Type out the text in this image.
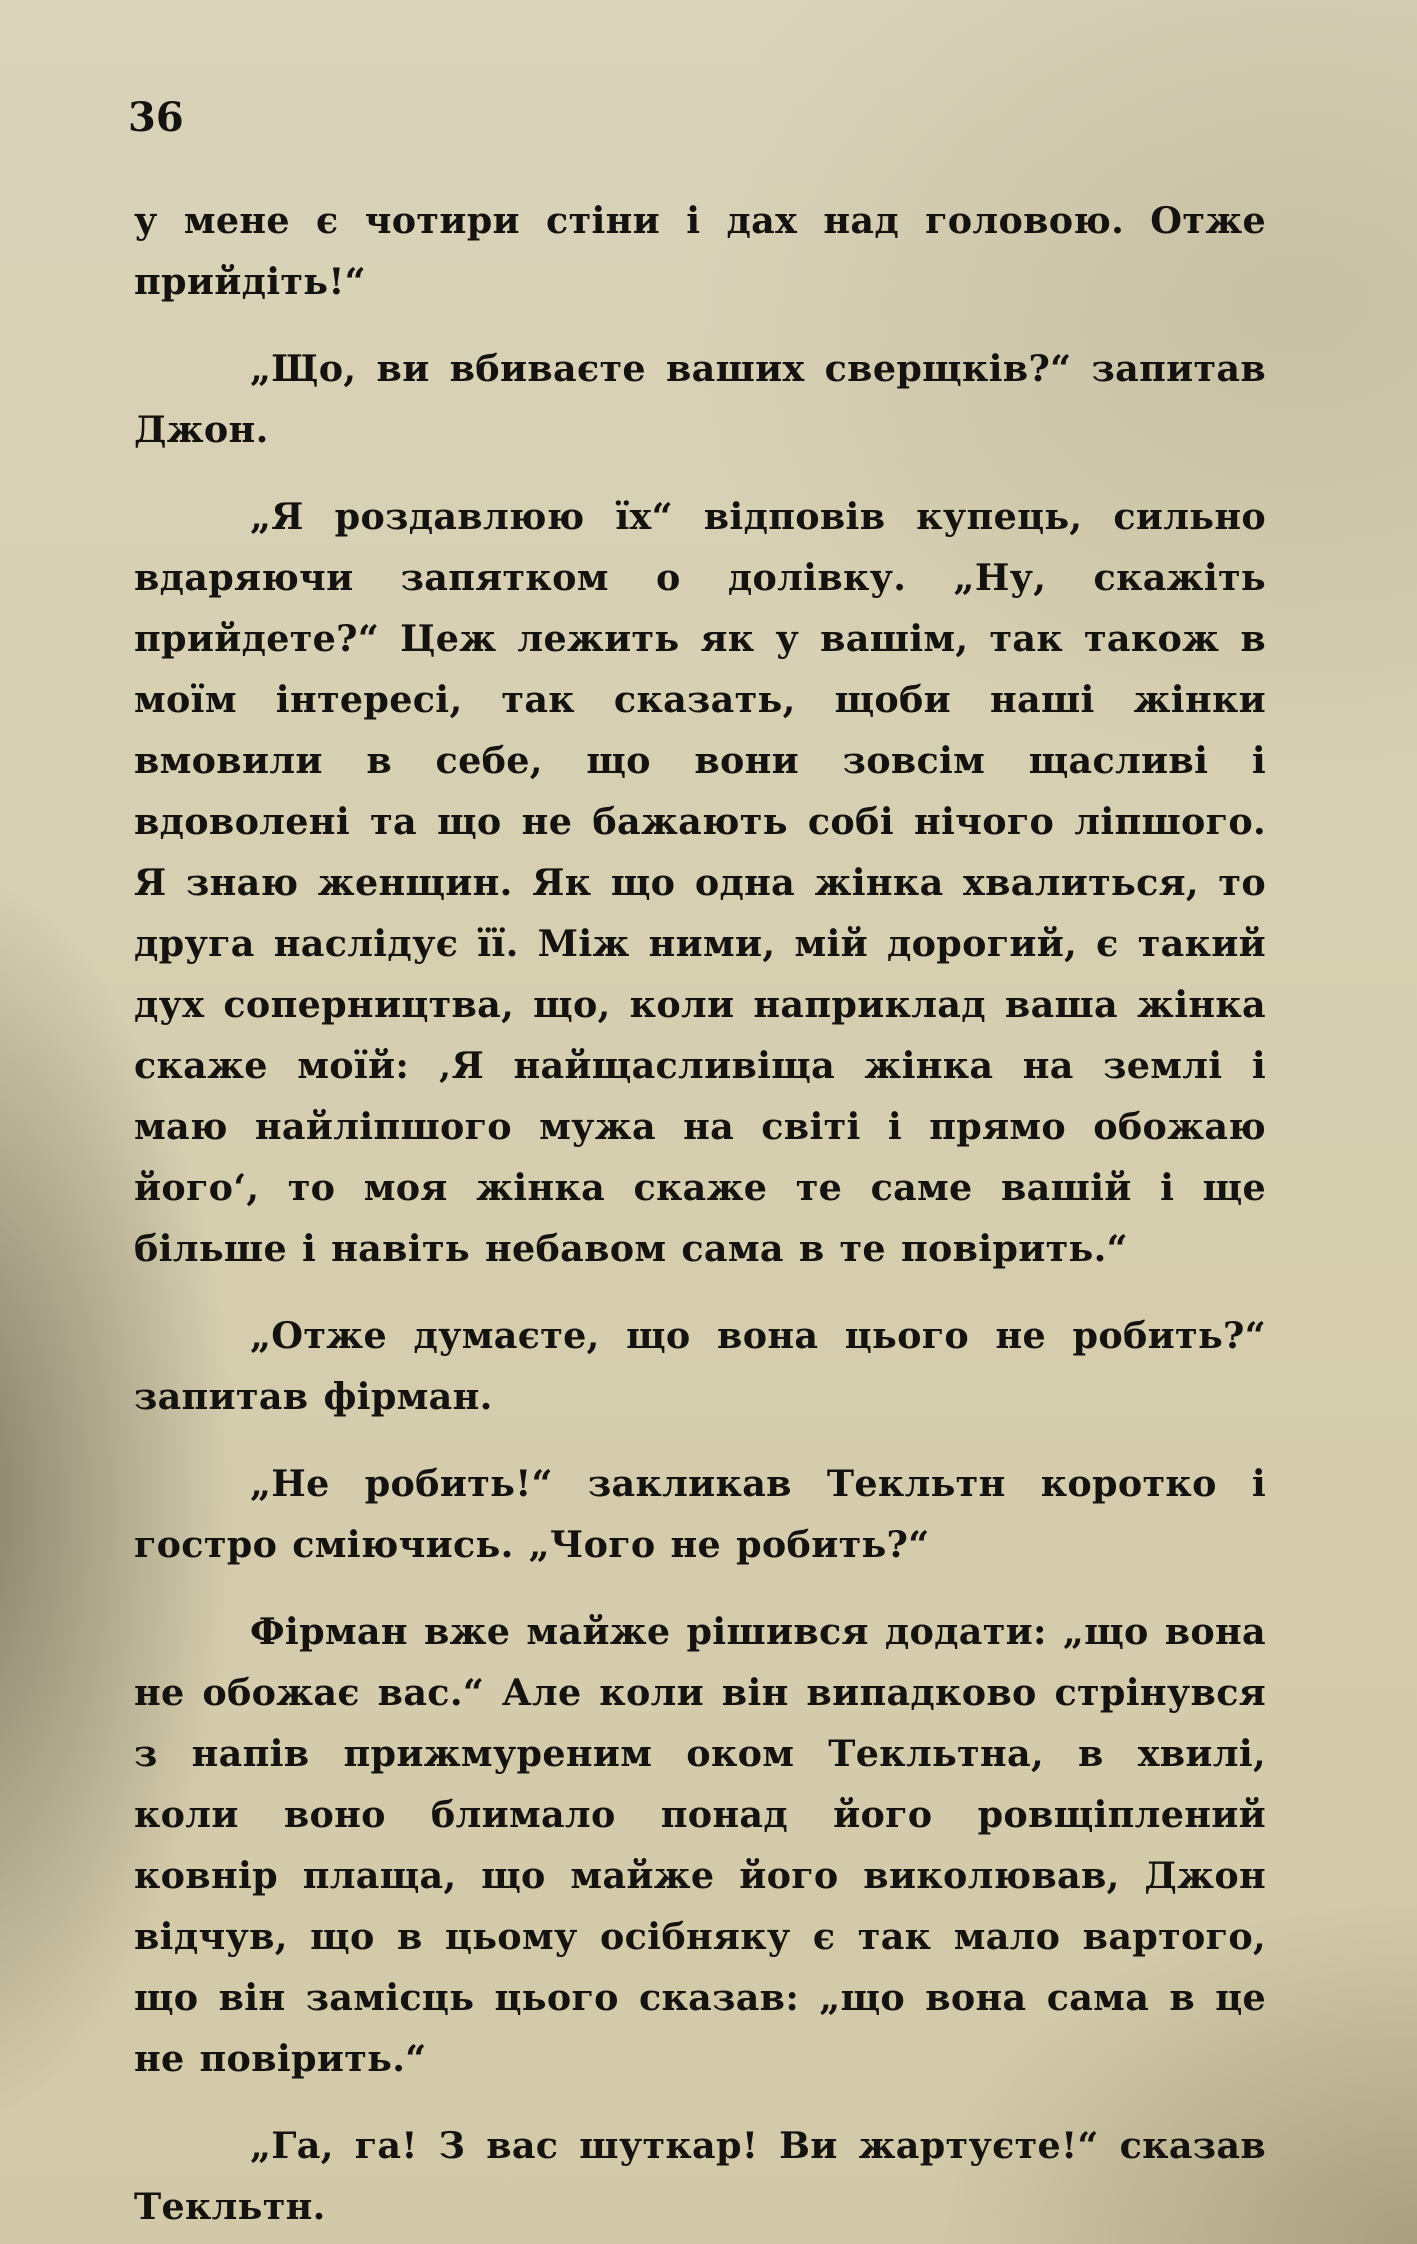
36

у мене є чотири стіни і дах над головою. Отже прийдіть!“

„Що, ви вбиваєте ваших сверщків?“ запитав Джон.

„Я роздавлюю їх“ відповів купець, сильно вдаряючи запятком о долівку. „Ну, скажіть прийдете?“ Цеж лежить як у вашім, так також в моїм інтересі, так сказать, щоби наші жінки вмовили в себе, що вони зовсім щасливі і вдоволені та що не бажають собі нічого ліпшого. Я знаю женщин. Як що одна жінка хвалиться, то друга наслідує її. Між ними, мій дорогий, є такий дух соперництва, що, коли наприклад ваша жінка скаже моїй: ‚Я найщасливіща жінка на землі і маю найліпшого мужа на світі і прямо обожаю його‘, то моя жінка скаже те саме вашій і ще більше і навіть небавом сама в те повірить.“

„Отже думаєте, що вона цього не робить?“ запитав фірман.

„Не робить!“ закликав Текльтн коротко і гостро сміючись. „Чого не робить?“

Фірман вже майже рішився додати: „що вона не обожає вас.“ Але коли він випадково стрінувся з напів прижмуреним оком Текльтна, в хвилі, коли воно блимало понад його ровщіплений ковнір плаща, що майже його виколював, Джон відчув, що в цьому осібняку є так мало вартого, що він замісць цього сказав: „що вона сама в це не повірить.“

„Га, га! З вас шуткар! Ви жартуєте!“ сказав Текльтн.
